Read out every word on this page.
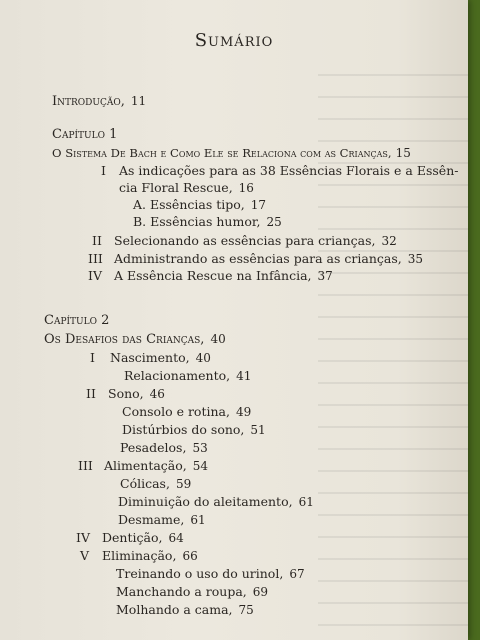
Sumário
Introdução, 11
Capítulo 1
O Sistema De Bach e Como Ele se Relaciona com as Crianças, 15
I As indicações para as 38 Essências Florais e a Essên-
cia Floral Rescue, 16
A. Essências tipo, 17
B. Essências humor, 25
II Selecionando as essências para crianças, 32
III Administrando as essências para as crianças, 35
IV A Essência Rescue na Infância, 37
Capítulo 2
Os Desafios das Crianças, 40
I Nascimento, 40
Relacionamento, 41
II Sono, 46
Consolo e rotina, 49
Distúrbios do sono, 51
Pesadelos, 53
III Alimentação, 54
Cólicas, 59
Diminuição do aleitamento, 61
Desmame, 61
IV Dentição, 64
V Eliminação, 66
Treinando o uso do urinol, 67
Manchando a roupa, 69
Molhando a cama, 75
